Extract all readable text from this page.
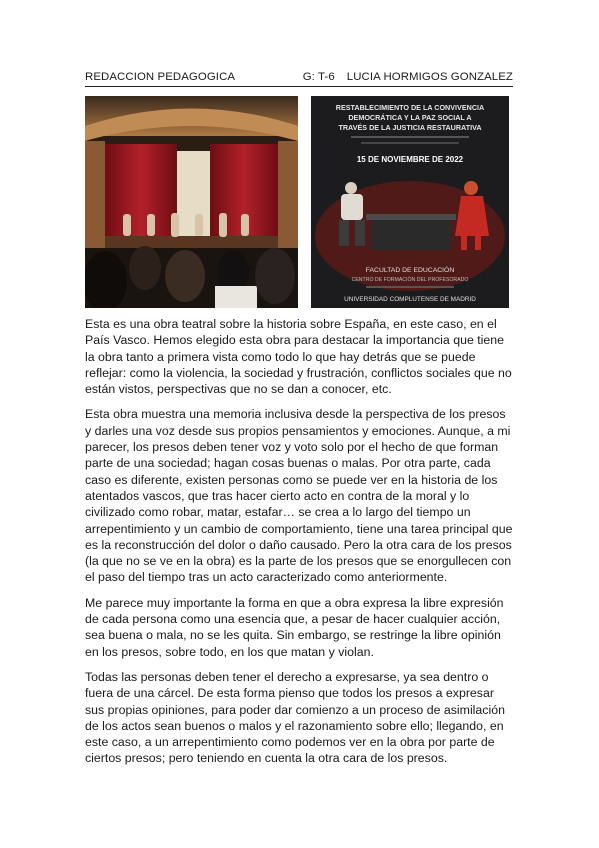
REDACCION PEDAGOGICA	G: T-6 LUCIA HORMIGOS GONZALEZ
RESTABLECIMIENTO DE LA CONVIVENCIA
DEMOCRÁTICA Y LA PAZ SOCIAL A
TRAVÉS DE LA JUSTICIA RESTAURATIVA
15 DE NOVIEMBRE DE 2022
FACULTAD DE EDUCACIÓN
CENTRO DE FORMACIÓN DEL PROFESORADO
UNIVERSIDAD COMPLUTENSE DE MADRID

Esta es una obra teatral sobre la historia sobre España, en este caso, en el País Vasco. Hemos elegido esta obra para destacar la importancia que tiene la obra tanto a primera vista como todo lo que hay detrás que se puede reflejar: como la violencia, la sociedad y frustración, conflictos sociales que no están vistos, perspectivas que no se dan a conocer, etc.

Esta obra muestra una memoria inclusiva desde la perspectiva de los presos y darles una voz desde sus propios pensamientos y emociones. Aunque, a mi parecer, los presos deben tener voz y voto solo por el hecho de que forman parte de una sociedad; hagan cosas buenas o malas. Por otra parte, cada caso es diferente, existen personas como se puede ver en la historia de los atentados vascos, que tras hacer cierto acto en contra de la moral y lo civilizado como robar, matar, estafar… se crea a lo largo del tiempo un arrepentimiento y un cambio de comportamiento, tiene una tarea principal que es la reconstrucción del dolor o daño causado. Pero la otra cara de los presos (la que no se ve en la obra) es la parte de los presos que se enorgullecen con el paso del tiempo tras un acto caracterizado como anteriormente.

Me parece muy importante la forma en que a obra expresa la libre expresión de cada persona como una esencia que, a pesar de hacer cualquier acción, sea buena o mala, no se les quita. Sin embargo, se restringe la libre opinión en los presos, sobre todo, en los que matan y violan.

Todas las personas deben tener el derecho a expresarse, ya sea dentro o fuera de una cárcel. De esta forma pienso que todos los presos a expresar sus propias opiniones, para poder dar comienzo a un proceso de asimilación de los actos sean buenos o malos y el razonamiento sobre ello; llegando, en este caso, a un arrepentimiento como podemos ver en la obra por parte de ciertos presos; pero teniendo en cuenta la otra cara de los presos.
